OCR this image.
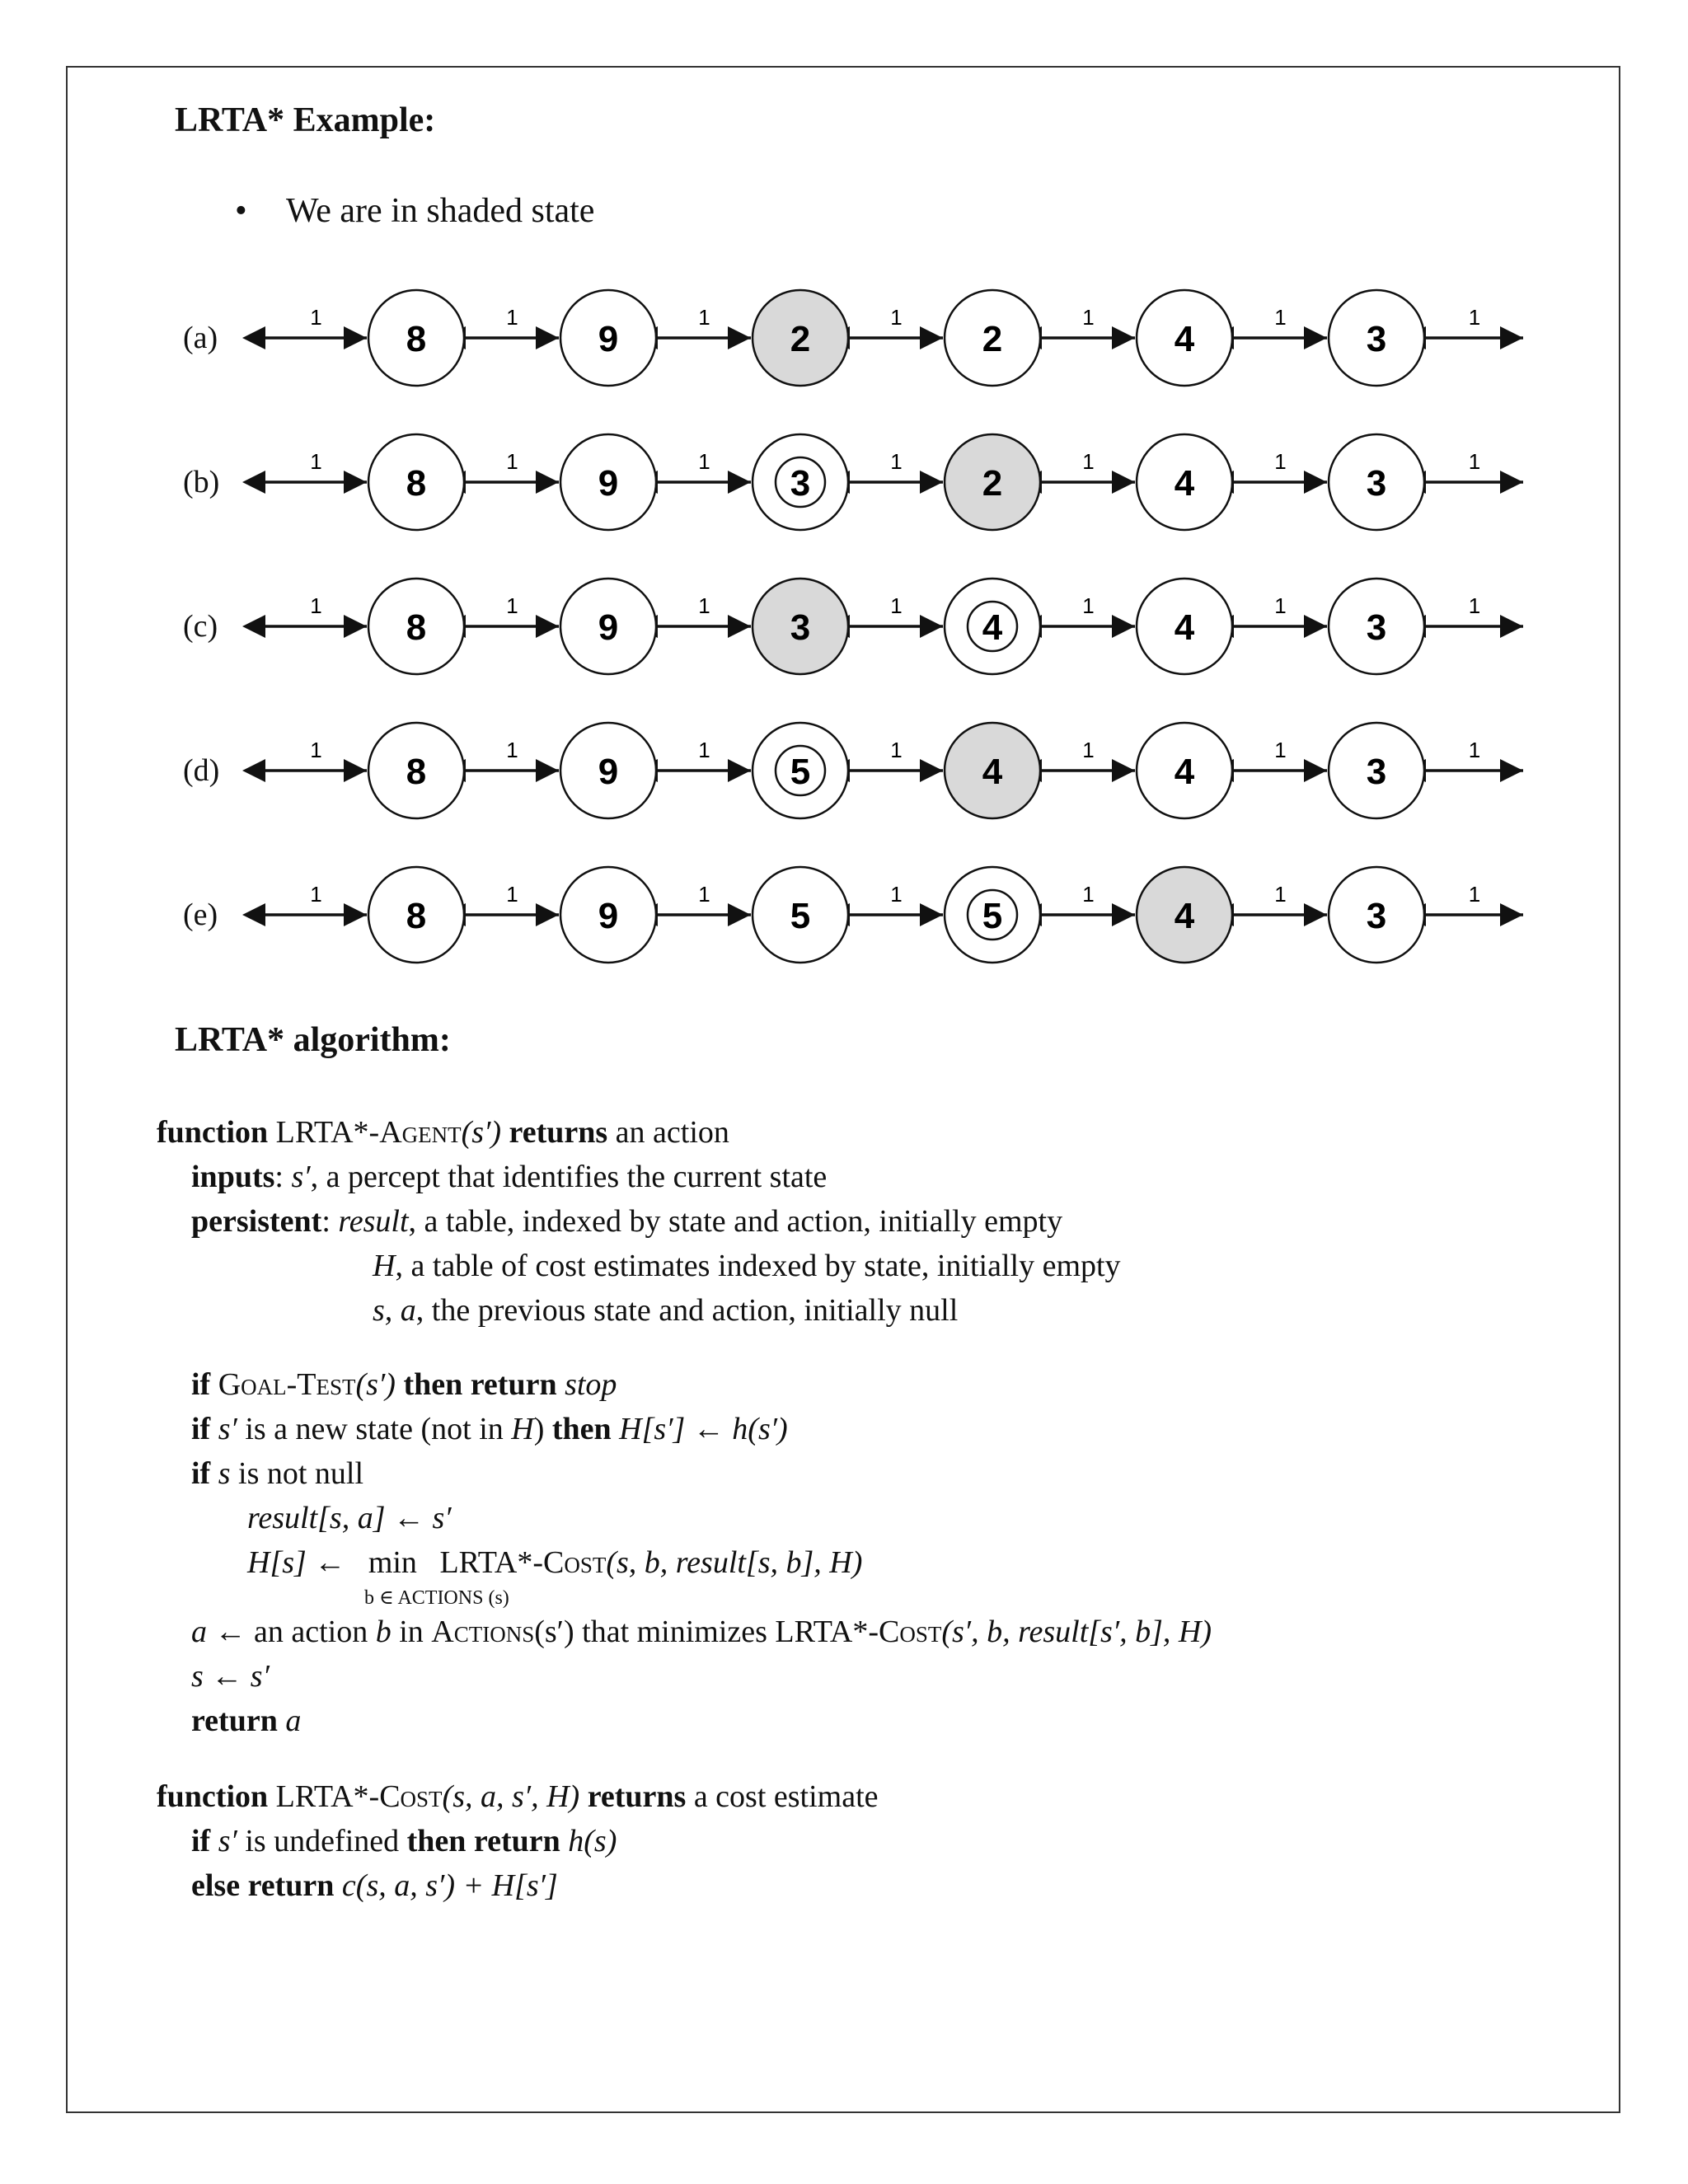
LRTA* Example:
• We are in shaded state
(a)
1	1	1	1	1	1	1
8	9	2	2	4	3
(b)
1	1	1	1	1	1	1
8	9	3	2	4	3
(c)
1	1	1	1	1	1	1
8	9	3	4	4	3
(d)
1	1	1	1	1	1	1
8	9	5	4	4	3
(e)
1	1	1	1	1	1	1
8	9	5	5	4	3
LRTA* algorithm:
function LRTA*-Agent(s′) returns an action
inputs: s′, a percept that identifies the current state
persistent: result, a table, indexed by state and action, initially empty
H, a table of cost estimates indexed by state, initially empty
s, a, the previous state and action, initially null
if Goal-Test(s′) then return stop
if s′ is a new state (not in H) then H[s′] ← h(s′)
if s is not null
result[s, a] ← s′
H[s] ← min LRTA*-Cost(s, b, result[s, b], H)
b ∈ ACTIONS (s)
a ← an action b in Actions(s′) that minimizes LRTA*-Cost(s′, b, result[s′, b], H)
s ← s′
return a
function LRTA*-Cost(s, a, s′, H) returns a cost estimate
if s′ is undefined then return h(s)
else return c(s, a, s′) + H[s′]
